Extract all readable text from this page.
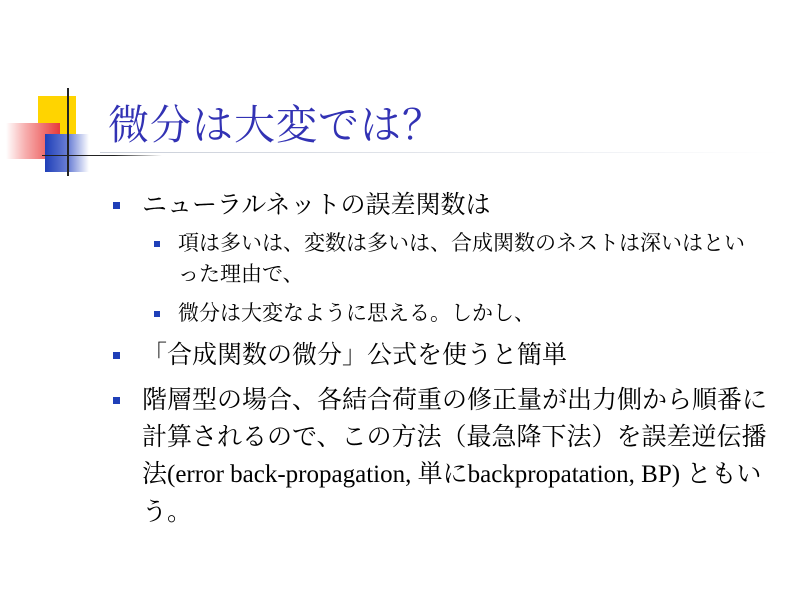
微分は大変では？
ニューラルネットの誤差関数は
項は多いは、変数は多いは、合成関数のネストは深いはといった理由で、
微分は大変なように思える。しかし、
「合成関数の微分」公式を使うと簡単
階層型の場合、各結合荷重の修正量が出力側から順番に計算されるので、この方法（最急降下法）を誤差逆伝播法(error back-propagation, 単にbackpropatation, BP) ともいう。
